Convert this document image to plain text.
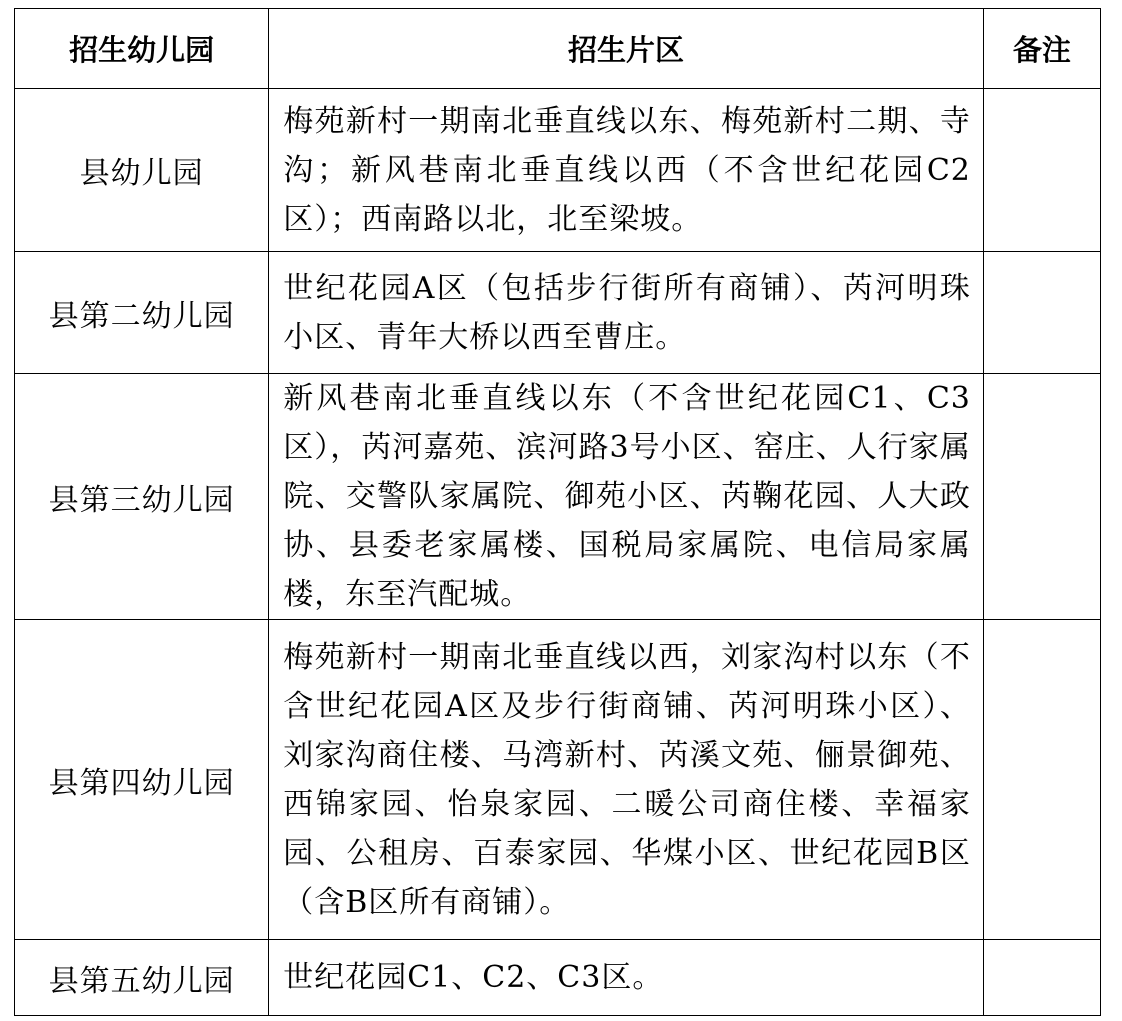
招生幼儿园	招生片区	备注
县幼儿园	梅苑新村一期南北垂直线以东、梅苑新村二期、寺沟；新风巷南北垂直线以西（不含世纪花园C2区）；西南路以北，北至梁坡。	
县第二幼儿园	世纪花园A区（包括步行街所有商铺）、芮河明珠小区、青年大桥以西至曹庄。	
县第三幼儿园	新风巷南北垂直线以东（不含世纪花园C1、C3区），芮河嘉苑、滨河路3号小区、窑庄、人行家属院、交警队家属院、御苑小区、芮鞠花园、人大政协、县委老家属楼、国税局家属院、电信局家属楼，东至汽配城。	
县第四幼儿园	梅苑新村一期南北垂直线以西，刘家沟村以东（不含世纪花园A区及步行街商铺、芮河明珠小区）、刘家沟商住楼、马湾新村、芮溪文苑、俪景御苑、西锦家园、怡泉家园、二暖公司商住楼、幸福家园、公租房、百泰家园、华煤小区、世纪花园B区（含B区所有商铺）。	
县第五幼儿园	世纪花园C1、C2、C3区。	
